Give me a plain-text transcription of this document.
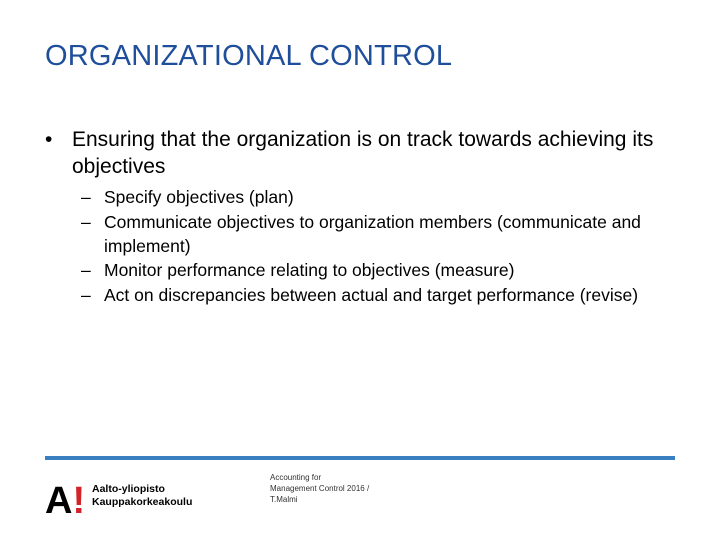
ORGANIZATIONAL CONTROL

• Ensuring that the organization is on track towards achieving its objectives

– Specify objectives (plan)
– Communicate objectives to organization members (communicate and implement)
– Monitor performance relating to objectives (measure)
– Act on discrepancies between actual and target performance (revise)
A! Aalto-yliopisto
Kauppakorkeakoulu
Accounting for
Management Control 2016 /
T.Malmi
